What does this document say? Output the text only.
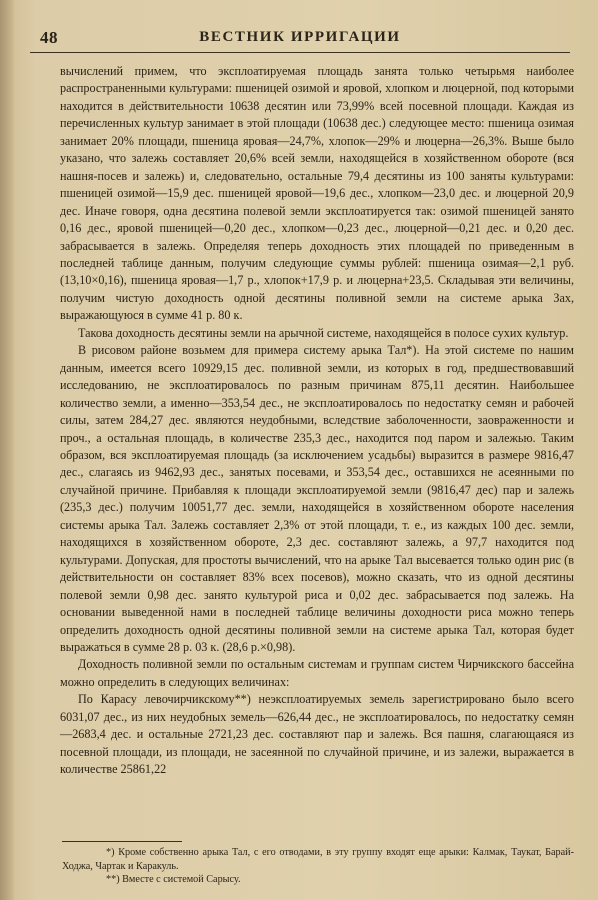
48	ВЕСТНИК ИРРИГАЦИИ

вычислений примем, что эксплоатируемая площадь занята только четырьмя наиболее распространенными культурами: пшеницей озимой и яровой, хлопком и люцерной, под которыми находится в действительности 10638 десятин или 73,99% всей посевной площади. Каждая из перечисленных культур занимает в этой площади (10638 дес.) следующее место: пшеница озимая занимает 20% площади, пшеница яровая—24,7%, хлопок—29% и люцерна—26,3%. Выше было указано, что залежь составляет 20,6% всей земли, находящейся в хозяйственном обороте (вся нашня-посев и залежь) и, следовательно, остальные 79,4 десятины из 100 заняты культурами: пшеницей озимой—15,9 дес. пшеницей яровой—19,6 дес., хлопком—23,0 дес. и люцерной 20,9 дес. Иначе говоря, одна десятина полевой земли эксплоатируется так: озимой пшеницей занято 0,16 дес., яровой пшеницей—0,20 дес., хлопком—0,23 дес., люцерной—0,21 дес. и 0,20 дес. забрасывается в залежь. Определяя теперь доходность этих площадей по приведенным в последней таблице данным, получим следующие суммы рублей: пшеница озимая—2,1 руб. (13,10×0,16), пшеница яровая—1,7 р., хлопок+17,9 р. и люцерна+23,5. Складывая эти величины, получим чистую доходность одной десятины поливной земли на системе арыка Зах, выражающуюся в сумме 41 р. 80 к.

Такова доходность десятины земли на арычной системе, находящейся в полосе сухих культур.

В рисовом районе возьмем для примера систему арыка Тал*). На этой системе по нашим данным, имеется всего 10929,15 дес. поливной земли, из которых в год, предшествовавший исследованию, не эксплоатировалось по разным причинам 875,11 десятин. Наибольшее количество земли, а именно—353,54 дес., не эксплоатировалось по недостатку семян и рабочей силы, затем 284,27 дес. являются неудобными, вследствие заболоченности, заовраженности и проч., а остальная площадь, в количестве 235,3 дес., находится под паром и залежью. Таким образом, вся эксплоатируемая площадь (за исключением усадьбы) выразится в размере 9816,47 дес., слагаясь из 9462,93 дес., занятых посевами, и 353,54 дес., оставшихся не асеянными по случайной причине. Прибавляя к площади эксплоатируемой земли (9816,47 дес) пар и залежь (235,3 дес.) получим 10051,77 дес. земли, находящейся в хозяйственном обороте населения системы арыка Тал. Залежь составляет 2,3% от этой площади, т. е., из каждых 100 дес. земли, находящихся в хозяйственном обороте, 2,3 дес. составляют залежь, а 97,7 находится под культурами. Допуская, для простоты вычислений, что на арыке Тал высевается только один рис (в действительности он составляет 83% всех посевов), можно сказать, что из одной десятины полевой земли 0,98 дес. занято культурой риса и 0,02 дес. забрасывается под залежь. На основании выведенной нами в последней таблице величины доходности риса можно теперь определить доходность одной десятины поливной земли на системе арыка Тал, которая будет выражаться в сумме 28 р. 03 к. (28,6 р.×0,98).

Доходность поливной земли по остальным системам и группам систем Чирчикского бассейна можно определить в следующих величинах:

По Карасу левочирчикскому**) неэксплоатируемых земель зарегистрировано было всего 6031,07 дес., из них неудобных земель—626,44 дес., не эксплоатировалось, по недостатку семян—2683,4 дес. и остальные 2721,23 дес. составляют пар и залежь. Вся пашня, слагающаяся из посевной площади, из площади, не засеянной по случайной причине, и из залежи, выражается в количестве 25861,22

*) Кроме собственно арыка Тал, с его отводами, в эту группу входят еще арыки: Калмак, Таукат, Барай-Ходжа, Чартак и Каракуль.

**) Вместе с системой Сарысу.
